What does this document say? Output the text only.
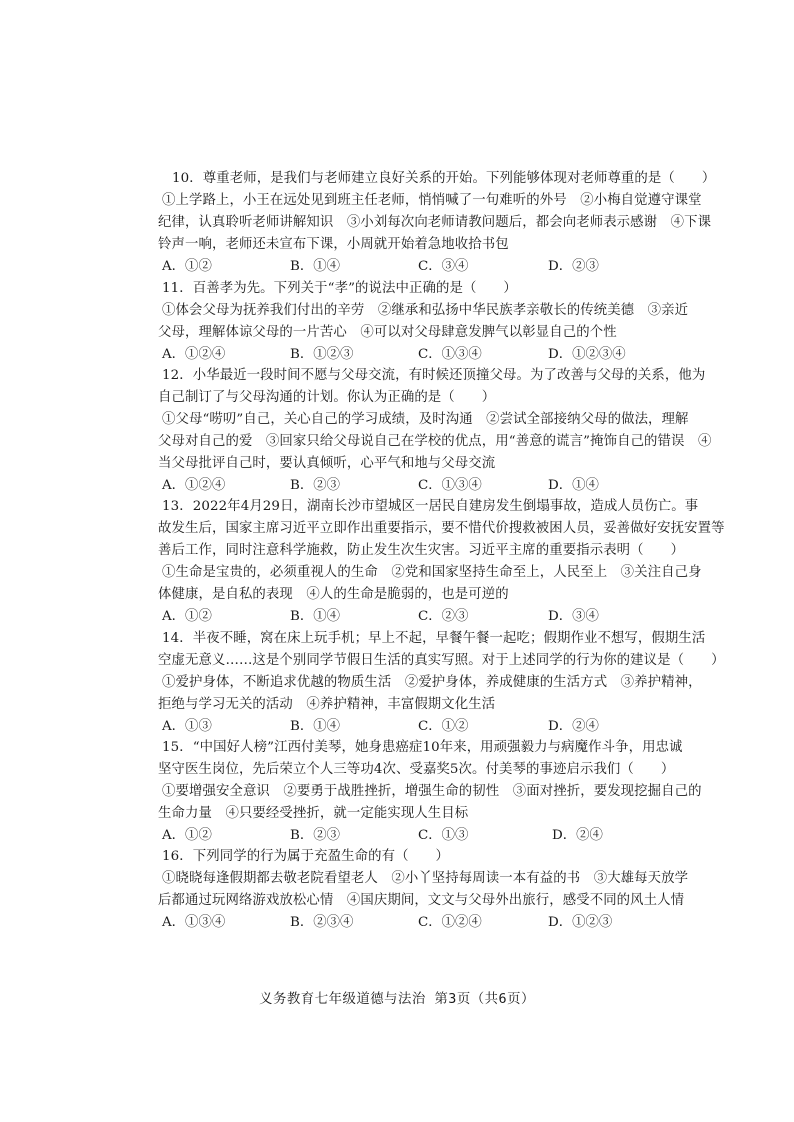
10．尊重老师，是我们与老师建立良好关系的开始。下列能够体现对老师尊重的是（　　）
①上学路上，小王在远处见到班主任老师，悄悄喊了一句难听的外号　②小梅自觉遵守课堂
纪律，认真聆听老师讲解知识　③小刘每次向老师请教问题后，都会向老师表示感谢　④下课
铃声一响，老师还未宣布下课，小周就开始着急地收拾书包
A．①②	B．①④	C．③④	D．②③
11．百善孝为先。下列关于“孝”的说法中正确的是（　　）
①体会父母为抚养我们付出的辛劳　②继承和弘扬中华民族孝亲敬长的传统美德　③亲近
父母，理解体谅父母的一片苦心　④可以对父母肆意发脾气以彰显自己的个性
A．①②④	B．①②③	C．①③④	D．①②③④
12．小华最近一段时间不愿与父母交流，有时候还顶撞父母。为了改善与父母的关系，他为
自己制订了与父母沟通的计划。你认为正确的是（　　）
①父母“唠叨”自己，关心自己的学习成绩，及时沟通　②尝试全部接纳父母的做法，理解
父母对自己的爱　③回家只给父母说自己在学校的优点，用“善意的谎言”掩饰自己的错误　④
当父母批评自己时，要认真倾听，心平气和地与父母交流
A．①②④	B．②③	C．①③④	D．①④
13．2022年4月29日，湖南长沙市望城区一居民自建房发生倒塌事故，造成人员伤亡。事
故发生后，国家主席习近平立即作出重要指示，要不惜代价搜救被困人员，妥善做好安抚安置等
善后工作，同时注意科学施救，防止发生次生灾害。习近平主席的重要指示表明（　　）
①生命是宝贵的，必须重视人的生命　②党和国家坚持生命至上，人民至上　③关注自己身
体健康，是自私的表现　④人的生命是脆弱的，也是可逆的
A．①②	B．①④	C．②③	D．③④
14．半夜不睡，窝在床上玩手机；早上不起，早餐午餐一起吃；假期作业不想写，假期生活
空虚无意义……这是个别同学节假日生活的真实写照。对于上述同学的行为你的建议是（　　）
①爱护身体，不断追求优越的物质生活　②爱护身体，养成健康的生活方式　③养护精神，
拒绝与学习无关的活动　④养护精神，丰富假期文化生活
A．①③	B．①④	C．①②	D．②④
15．“中国好人榜”江西付美琴，她身患癌症10年来，用顽强毅力与病魔作斗争，用忠诚
坚守医生岗位，先后荣立个人三等功4次、受嘉奖5次。付美琴的事迹启示我们（　　）
①要增强安全意识　②要勇于战胜挫折，增强生命的韧性　③面对挫折，要发现挖掘自己的
生命力量　④只要经受挫折，就一定能实现人生目标
A．①②	B．②③	C．①③	D．②④
16．下列同学的行为属于充盈生命的有（　　）
①晓晓每逢假期都去敬老院看望老人　②小丫坚持每周读一本有益的书　③大雄每天放学
后都通过玩网络游戏放松心情　④国庆期间，文文与父母外出旅行，感受不同的风土人情
A．①③④	B．②③④	C．①②④	D．①②③
义务教育七年级道德与法治 第3页（共6页）
